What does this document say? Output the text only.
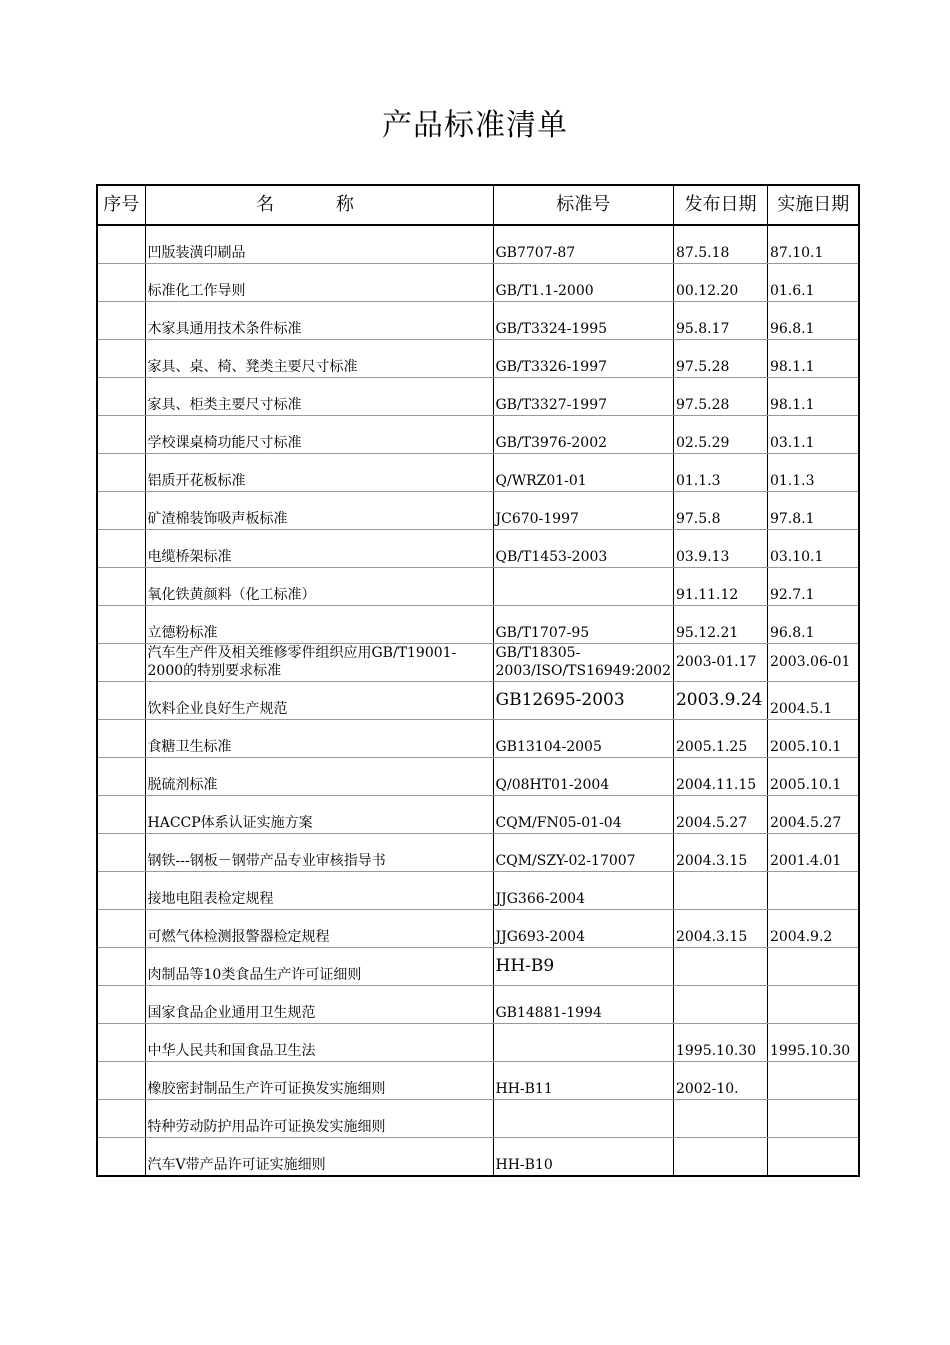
产品标准清单
序号	名 称	标准号	发布日期	实施日期
	凹版装潢印刷品	GB7707-87	87.5.18	87.10.1
	标准化工作导则	GB/T1.1-2000	00.12.20	01.6.1
	木家具通用技术条件标准	GB/T3324-1995	95.8.17	96.8.1
	家具、桌、椅、凳类主要尺寸标准	GB/T3326-1997	97.5.28	98.1.1
	家具、柜类主要尺寸标准	GB/T3327-1997	97.5.28	98.1.1
	学校课桌椅功能尺寸标准	GB/T3976-2002	02.5.29	03.1.1
	铝质开花板标准	Q/WRZ01-01	01.1.3	01.1.3
	矿渣棉装饰吸声板标准	JC670-1997	97.5.8	97.8.1
	电缆桥架标准	QB/T1453-2003	03.9.13	03.10.1
	氧化铁黄颜料（化工标准）		91.11.12	92.7.1
	立德粉标准	GB/T1707-95	95.12.21	96.8.1
	汽车生产件及相关维修零件组织应用GB/T19001-2000的特别要求标准	GB/T18305-2003/ISO/TS16949:2002	2003-01.17	2003.06-01
	饮料企业良好生产规范	GB12695-2003	2003.9.24	2004.5.1
	食糖卫生标准	GB13104-2005	2005.1.25	2005.10.1
	脱硫剂标准	Q/08HT01-2004	2004.11.15	2005.10.1
	HACCP体系认证实施方案	CQM/FN05-01-04	2004.5.27	2004.5.27
	钢铁---钢板－钢带产品专业审核指导书	CQM/SZY-02-17007	2004.3.15	2001.4.01
	接地电阻表检定规程	JJG366-2004		
	可燃气体检测报警器检定规程	JJG693-2004	2004.3.15	2004.9.2
	肉制品等10类食品生产许可证细则	HH-B9		
	国家食品企业通用卫生规范	GB14881-1994		
	中华人民共和国食品卫生法		1995.10.30	1995.10.30
	橡胶密封制品生产许可证换发实施细则	HH-B11	2002-10.	
	特种劳动防护用品许可证换发实施细则			
	汽车V带产品许可证实施细则	HH-B10		
